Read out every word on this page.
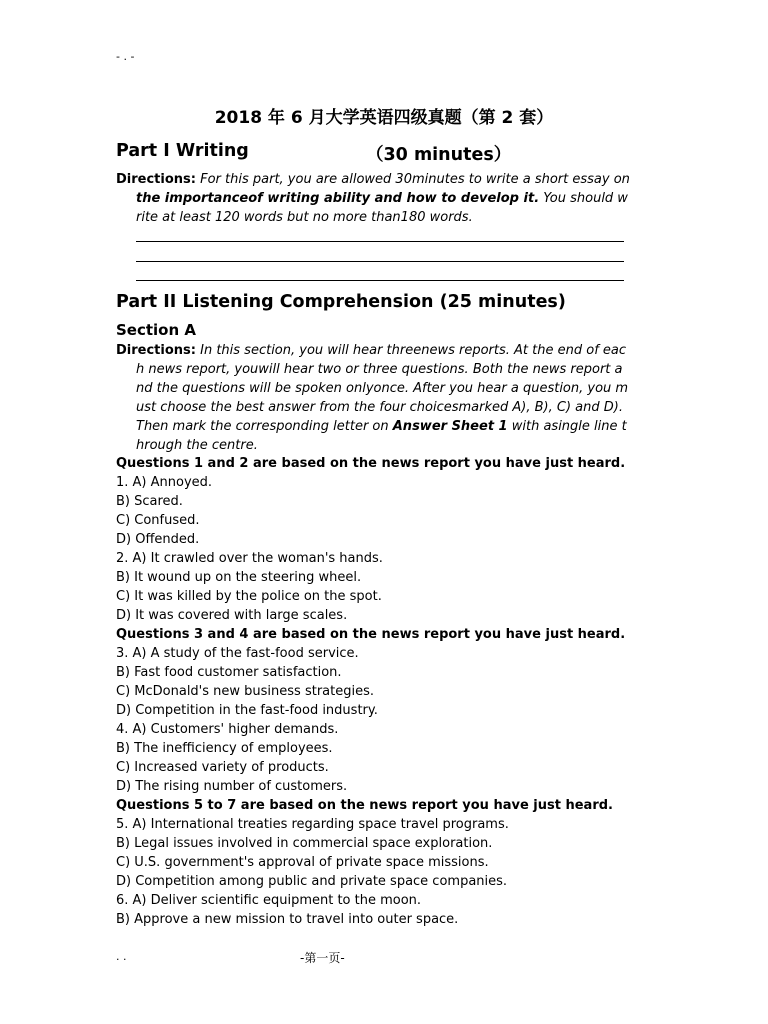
- . -
2018 年 6 月大学英语四级真题（第 2 套）
Part I Writing	（30 minutes）
Directions: For this part, you are allowed 30minutes to write a short essay on
the importanceof writing ability and how to develop it. You should w
rite at least 120 words but no more than180 words.
Part II Listening Comprehension (25 minutes)
Section A
Directions: In this section, you will hear threenews reports. At the end of eac
h news report, youwill hear two or three questions. Both the news report a
nd the questions will be spoken onlyonce. After you hear a question, you m
ust choose the best answer from the four choicesmarked A), B), C) and D).
Then mark the corresponding letter on Answer Sheet 1 with asingle line t
hrough the centre.
Questions 1 and 2 are based on the news report you have just heard.
1. A) Annoyed.
B) Scared.
C) Confused.
D) Offended.
2. A) It crawled over the woman's hands.
B) It wound up on the steering wheel.
C) It was killed by the police on the spot.
D) It was covered with large scales.
Questions 3 and 4 are based on the news report you have just heard.
3. A) A study of the fast-food service.
B) Fast food customer satisfaction.
C) McDonald's new business strategies.
D) Competition in the fast-food industry.
4. A) Customers' higher demands.
B) The inefficiency of employees.
C) Increased variety of products.
D) The rising number of customers.
Questions 5 to 7 are based on the news report you have just heard.
5. A) International treaties regarding space travel programs.
B) Legal issues involved in commercial space exploration.
C) U.S. government's approval of private space missions.
D) Competition among public and private space companies.
6. A) Deliver scientific equipment to the moon.
B) Approve a new mission to travel into outer space.
. .	-第一页-
